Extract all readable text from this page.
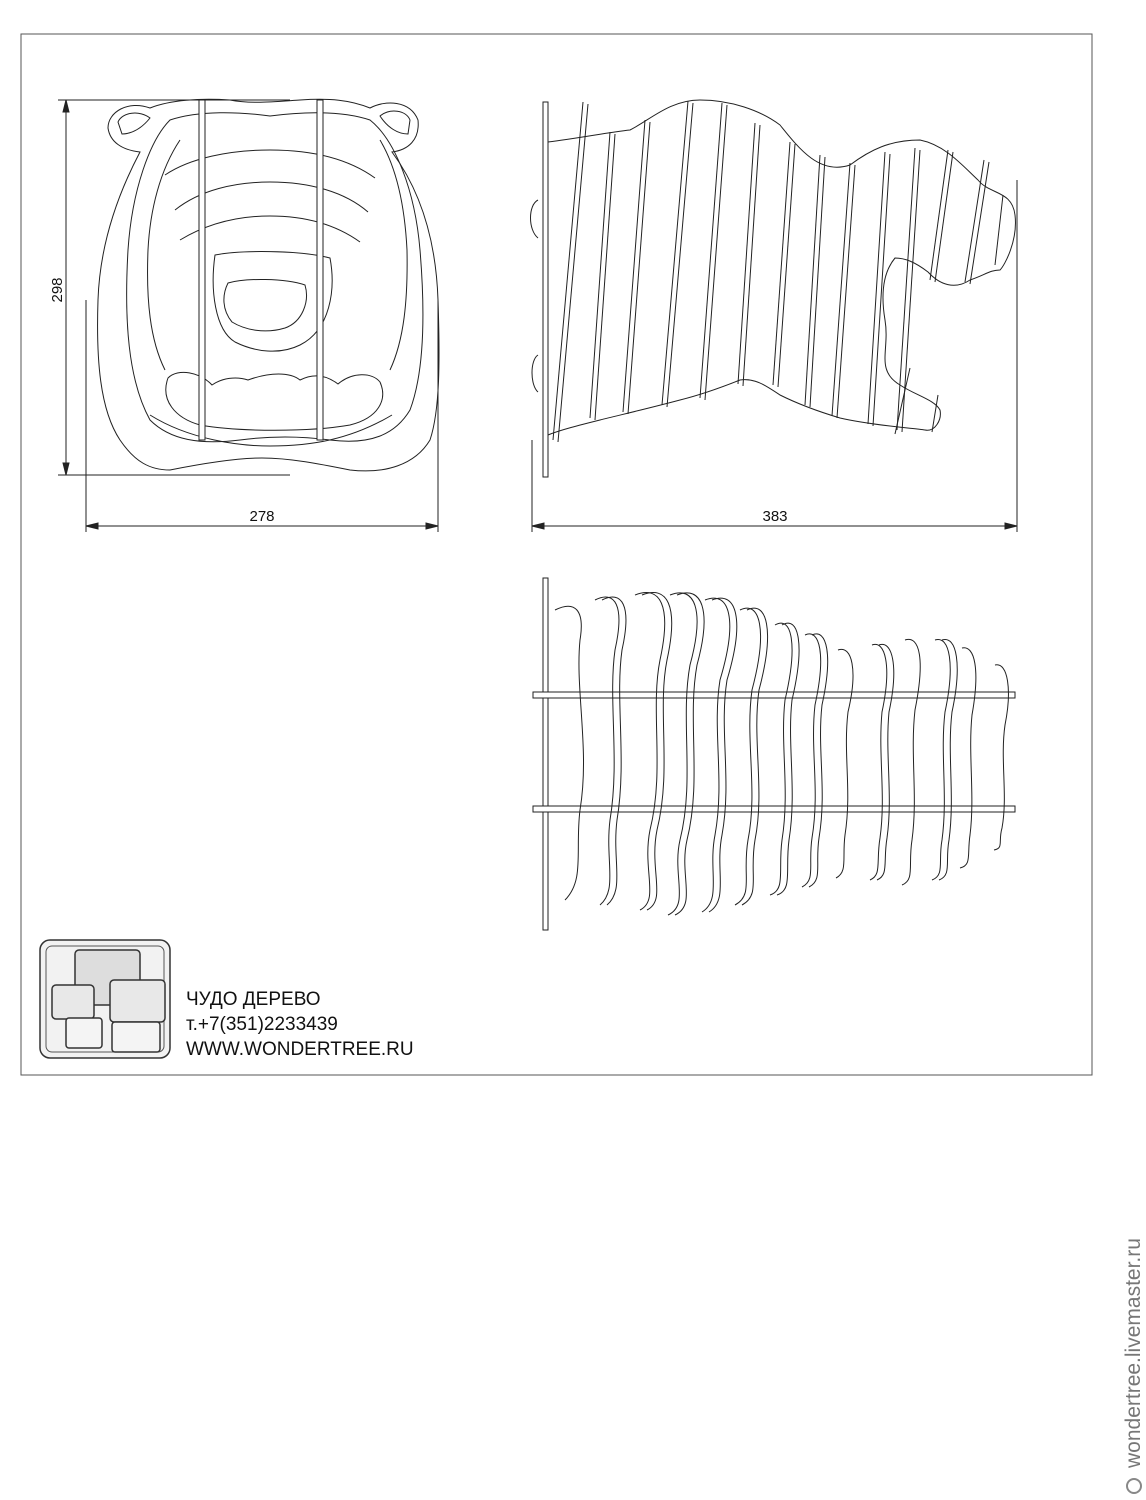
298
278	383
ЧУДО ДЕРЕВО
т.+7(351)2233439
WWW.WONDERTREE.RU
wondertree.livemaster.ru
